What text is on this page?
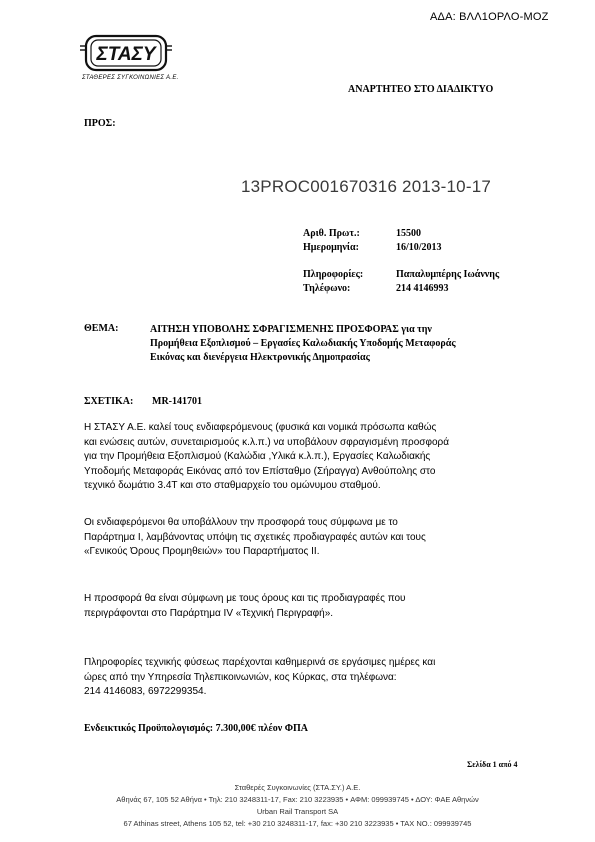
ΑΔΑ: ΒΛΛ1ΟΡΛΟ-ΜΟΖ
ΣΤΑΣΥ
ΣΤΑΘΕΡΕΣ ΣΥΓΚΟΙΝΩΝΙΕΣ Α.Ε.
ΑΝΑΡΤΗΤΕΟ ΣΤΟ ΔΙΑΔΙΚΤΥΟ
ΠΡΟΣ:
13PROC001670316 2013-10-17
Αριθ. Πρωτ.:	15500
Ημερομηνία:	16/10/2013
Πληροφορίες:	Παπαλυμπέρης Ιωάννης
Τηλέφωνο:	214 4146993
ΘΕΜΑ:	ΑΙΤΗΣΗ ΥΠΟΒΟΛΗΣ ΣΦΡΑΓΙΣΜΕΝΗΣ ΠΡΟΣΦΟΡΑΣ για την
Προμήθεια Εξοπλισμού – Εργασίες Καλωδιακής Υποδομής Μεταφοράς
Εικόνας και διενέργεια Ηλεκτρονικής Δημοπρασίας
ΣΧΕΤΙΚΑ: MR-141701
Η ΣΤΑΣΥ Α.Ε. καλεί τους ενδιαφερόμενους (φυσικά και νομικά πρόσωπα καθώς
και ενώσεις αυτών, συνεταιρισμούς κ.λ.π.) να υποβάλουν σφραγισμένη προσφορά
για την Προμήθεια Εξοπλισμού (Καλώδια ,Υλικά κ.λ.π.), Εργασίες Καλωδιακής
Υποδομής Μεταφοράς Εικόνας από τον Επίσταθμο (Σήραγγα) Ανθούπολης στο
τεχνικό δωμάτιο 3.4Τ και στο σταθμαρχείο του ομώνυμου σταθμού.
Οι ενδιαφερόμενοι θα υποβάλλουν την προσφορά τους σύμφωνα με το
Παράρτημα Ι, λαμβάνοντας υπόψη τις σχετικές προδιαγραφές αυτών και τους
«Γενικούς Όρους Προμηθειών» του Παραρτήματος ΙΙ.
Η προσφορά θα είναι σύμφωνη με τους όρους και τις προδιαγραφές που
περιγράφονται στο Παράρτημα IV «Τεχνική Περιγραφή».
Πληροφορίες τεχνικής φύσεως παρέχονται καθημερινά σε εργάσιμες ημέρες και
ώρες από την Υπηρεσία Τηλεπικοινωνιών, κος Κύρκας, στα τηλέφωνα:
214 4146083, 6972299354.
Ενδεικτικός Προϋπολογισμός: 7.300,00€ πλέον ΦΠΑ
Σελίδα 1 από 4
Σταθερές Συγκοινωνίες (ΣΤΑ.ΣΥ.) Α.Ε.
Αθηνάς 67, 105 52 Αθήνα • Τηλ: 210 3248311-17, Fax: 210 3223935 • ΑΦΜ: 099939745 • ΔΟΥ: ΦΑΕ Αθηνών
Urban Rail Transport SA
67 Athinas street, Athens 105 52, tel: +30 210 3248311-17, fax: +30 210 3223935 • TAX NO.: 099939745
